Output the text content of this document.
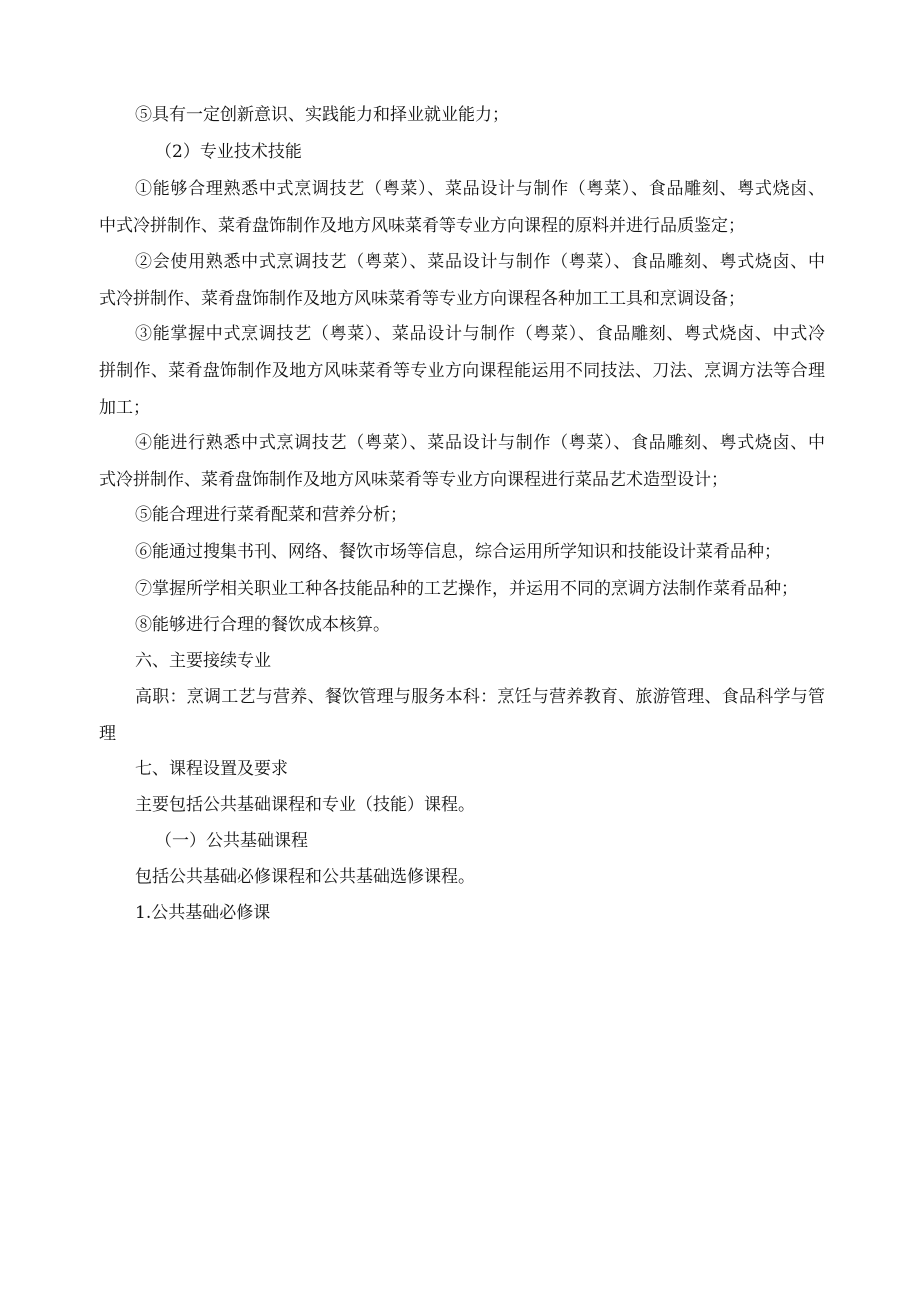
⑤具有一定创新意识、实践能力和择业就业能力；
（2）专业技术技能
①能够合理熟悉中式烹调技艺（粤菜）、菜品设计与制作（粤菜）、食品雕刻、粤式烧卤、
中式冷拼制作、菜肴盘饰制作及地方风味菜肴等专业方向课程的原料并进行品质鉴定；
②会使用熟悉中式烹调技艺（粤菜）、菜品设计与制作（粤菜）、食品雕刻、粤式烧卤、中
式冷拼制作、菜肴盘饰制作及地方风味菜肴等专业方向课程各种加工工具和烹调设备；
③能掌握中式烹调技艺（粤菜）、菜品设计与制作（粤菜）、食品雕刻、粤式烧卤、中式冷
拼制作、菜肴盘饰制作及地方风味菜肴等专业方向课程能运用不同技法、刀法、烹调方法等合理
加工；
④能进行熟悉中式烹调技艺（粤菜）、菜品设计与制作（粤菜）、食品雕刻、粤式烧卤、中
式冷拼制作、菜肴盘饰制作及地方风味菜肴等专业方向课程进行菜品艺术造型设计；
⑤能合理进行菜肴配菜和营养分析；
⑥能通过搜集书刊、网络、餐饮市场等信息，综合运用所学知识和技能设计菜肴品种；
⑦掌握所学相关职业工种各技能品种的工艺操作，并运用不同的烹调方法制作菜肴品种；
⑧能够进行合理的餐饮成本核算。
六、主要接续专业
高职：烹调工艺与营养、餐饮管理与服务本科：烹饪与营养教育、旅游管理、食品科学与管
理
七、课程设置及要求
主要包括公共基础课程和专业（技能）课程。
（一）公共基础课程
包括公共基础必修课程和公共基础选修课程。
1.公共基础必修课
